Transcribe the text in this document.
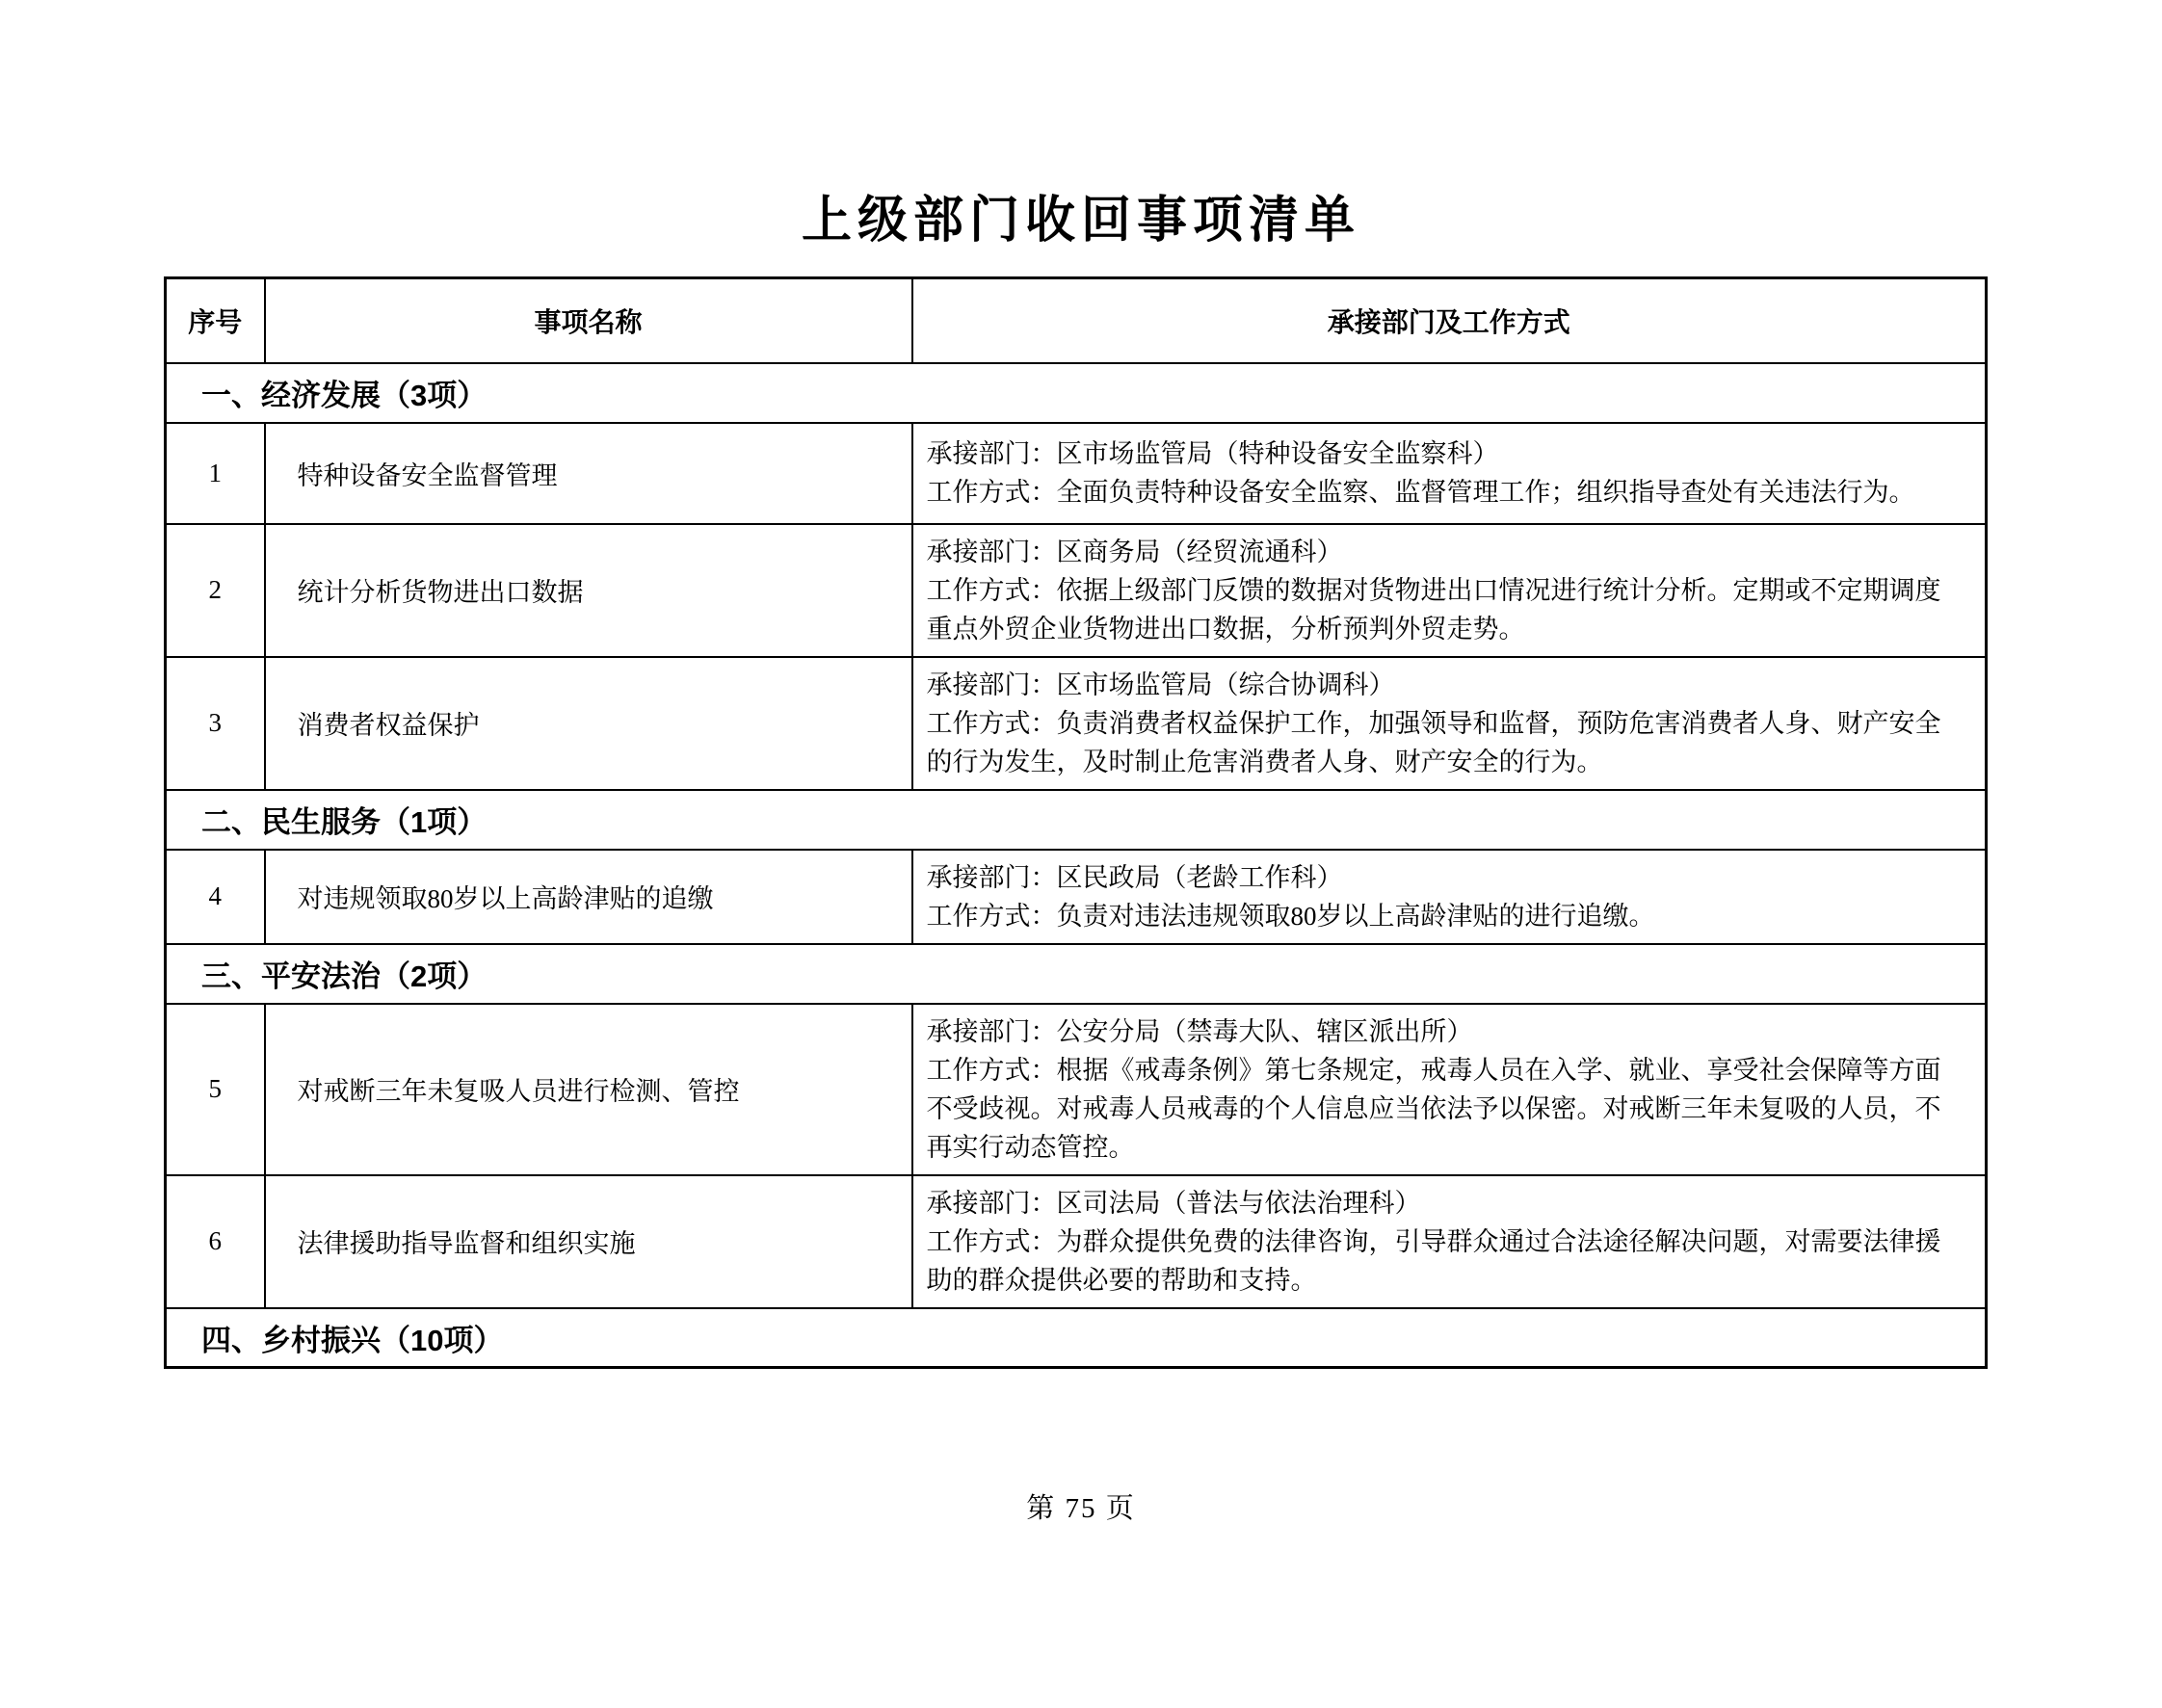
上级部门收回事项清单
序号	事项名称	承接部门及工作方式
一、经济发展（3项）		
1	特种设备安全监督管理	承接部门：区市场监管局（特种设备安全监察科）
工作方式：全面负责特种设备安全监察、监督管理工作；组织指导查处有关违法行为。

2	统计分析货物进出口数据	承接部门：区商务局（经贸流通科）
工作方式：依据上级部门反馈的数据对货物进出口情况进行统计分析。定期或不定期调度重点外贸企业货物进出口数据，分析预判外贸走势。

3	消费者权益保护	承接部门：区市场监管局（综合协调科）
工作方式：负责消费者权益保护工作，加强领导和监督，预防危害消费者人身、财产安全的行为发生，及时制止危害消费者人身、财产安全的行为。

二、民生服务（1项）		
4	对违规领取80岁以上高龄津贴的追缴	承接部门：区民政局（老龄工作科）
工作方式：负责对违法违规领取80岁以上高龄津贴的进行追缴。

三、平安法治（2项）		
5	对戒断三年未复吸人员进行检测、管控	承接部门：公安分局（禁毒大队、辖区派出所）
工作方式：根据《戒毒条例》第七条规定，戒毒人员在入学、就业、享受社会保障等方面不受歧视。对戒毒人员戒毒的个人信息应当依法予以保密。对戒断三年未复吸的人员，不再实行动态管控。

6	法律援助指导监督和组织实施	承接部门：区司法局（普法与依法治理科）
工作方式：为群众提供免费的法律咨询，引导群众通过合法途径解决问题，对需要法律援助的群众提供必要的帮助和支持。

四、乡村振兴（10项）		
第 75 页
